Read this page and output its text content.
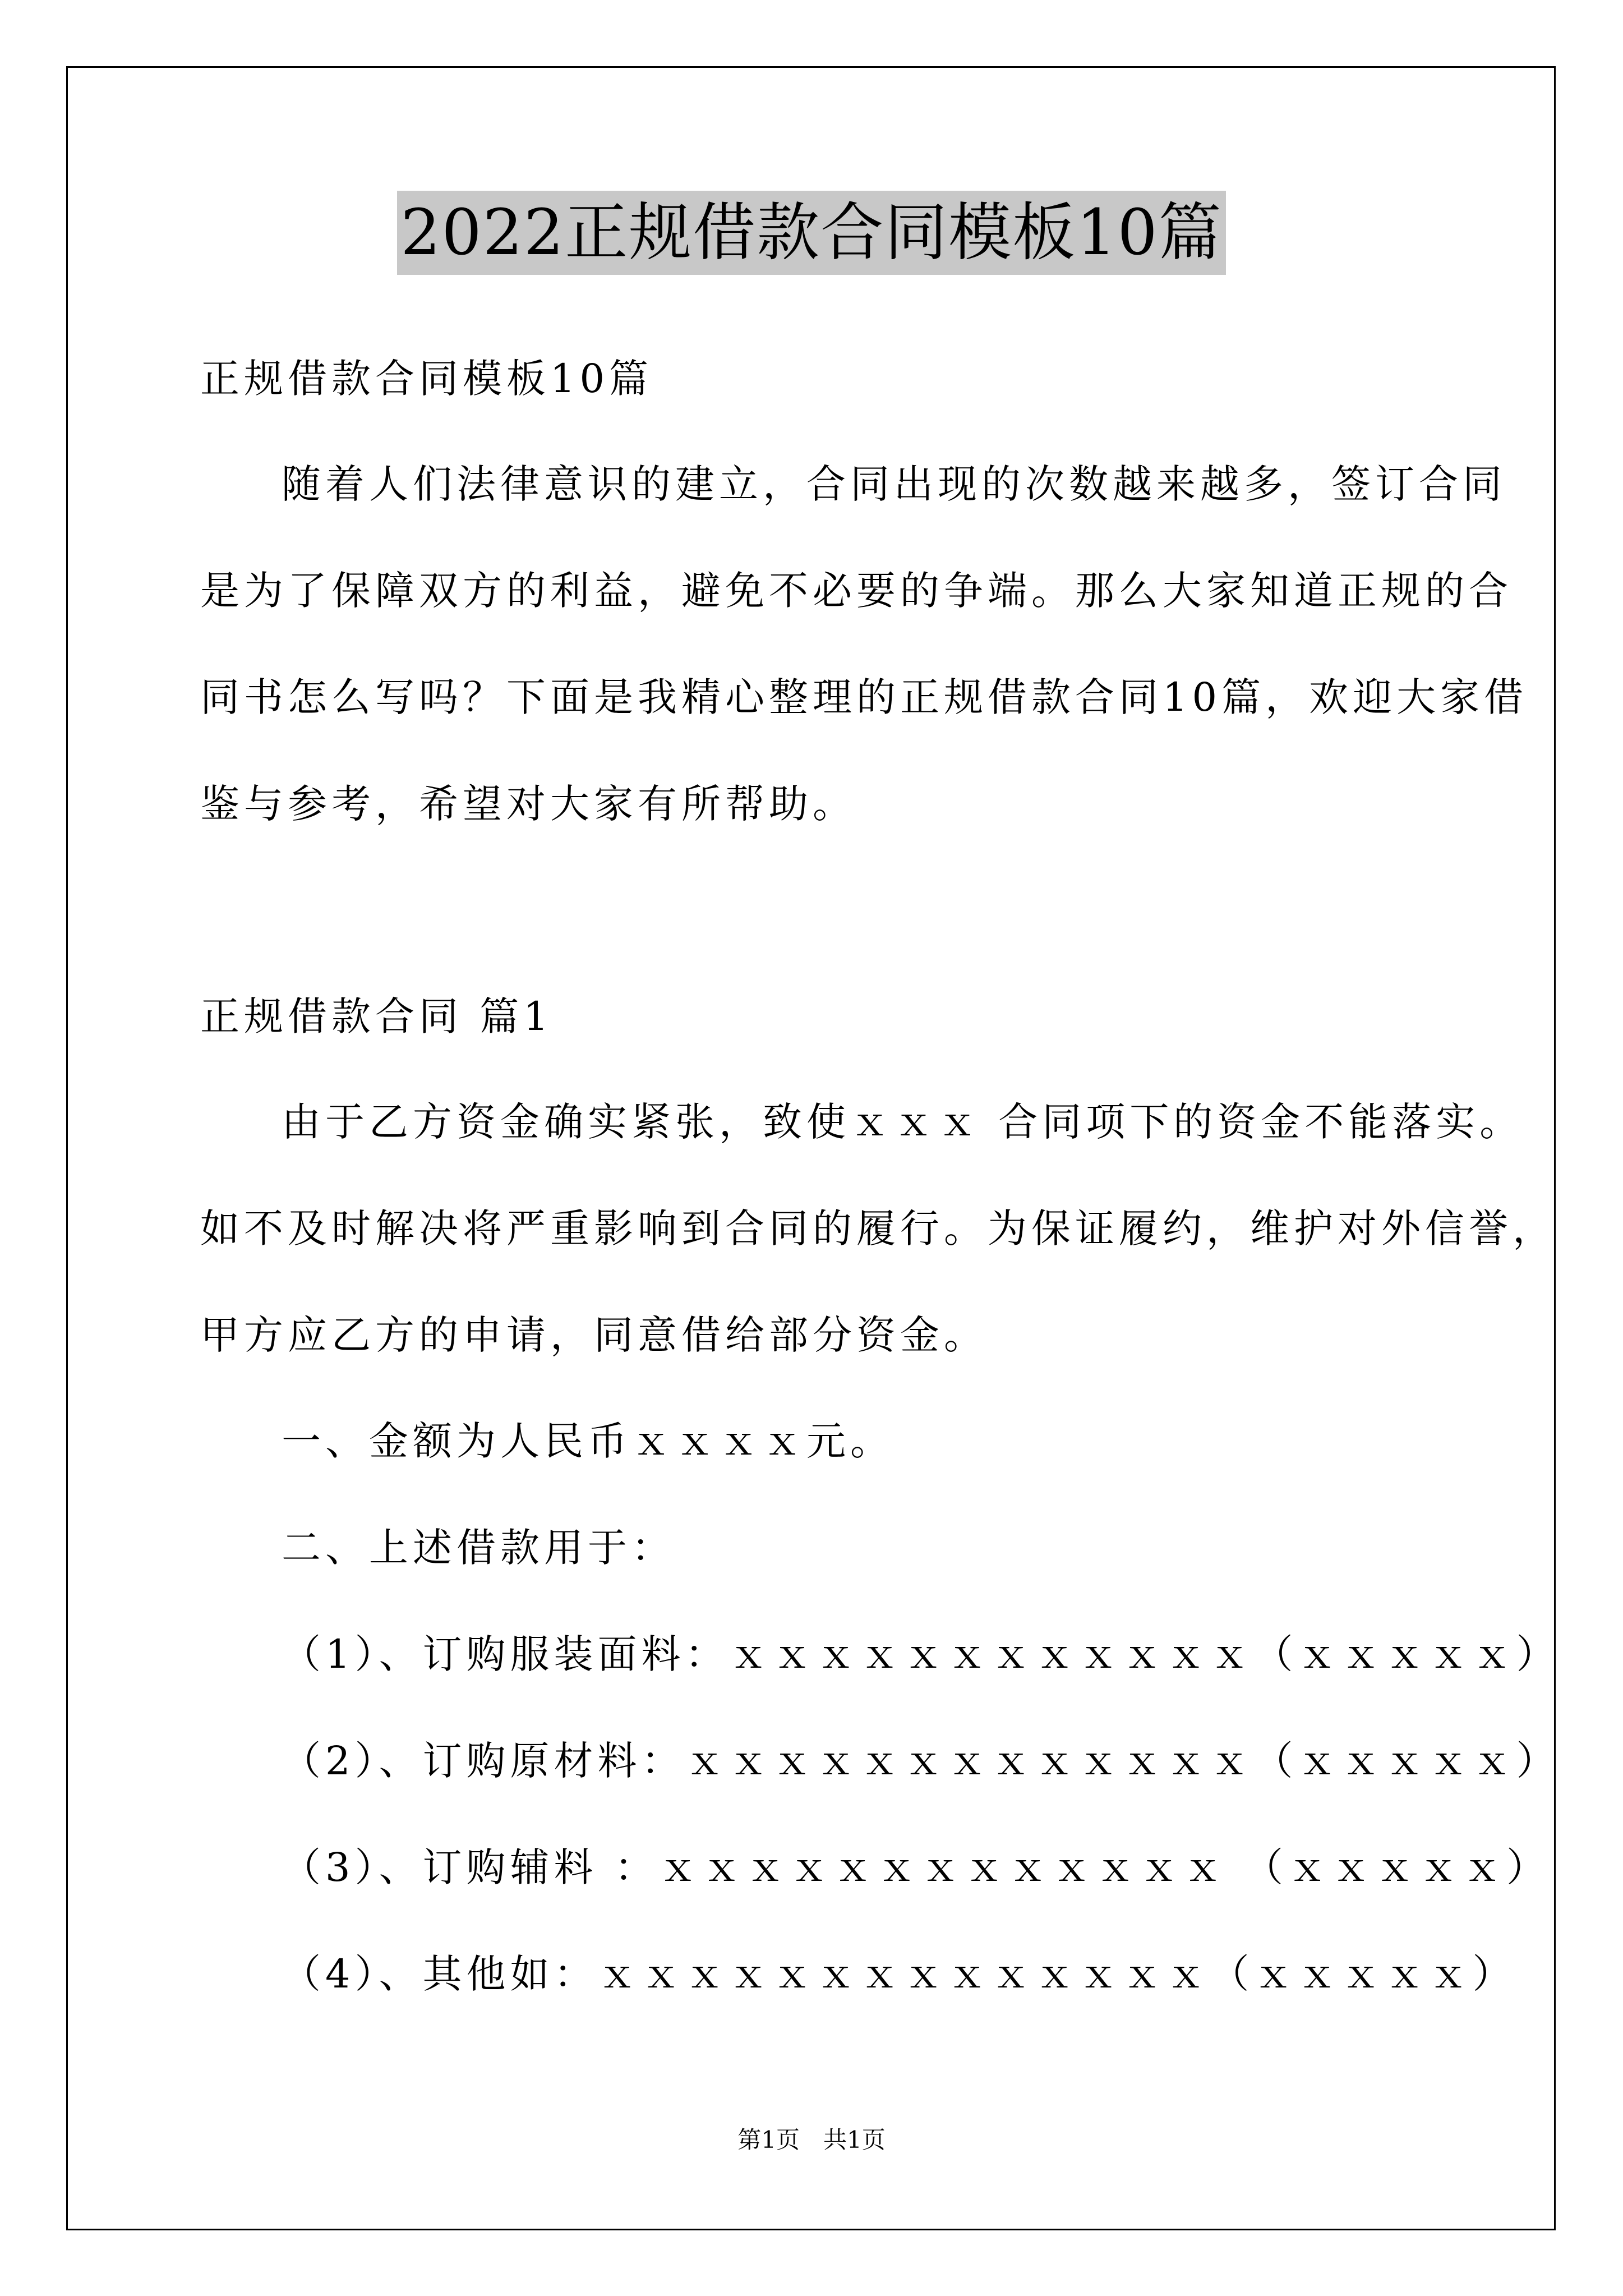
2022正规借款合同模板10篇
正规借款合同模板10篇
随着人们法律意识的建立，合同出现的次数越来越多，签订合同
是为了保障双方的利益，避免不必要的争端。那么大家知道正规的合
同书怎么写吗？下面是我精心整理的正规借款合同10篇，欢迎大家借
鉴与参考，希望对大家有所帮助。
正规借款合同 篇1
由于乙方资金确实紧张，致使ｘｘｘ 合同项下的资金不能落实。
如不及时解决将严重影响到合同的履行。为保证履约，维护对外信誉，
甲方应乙方的申请，同意借给部分资金。
一、金额为人民币ｘｘｘｘ元。
二、上述借款用于：
（1）、订购服装面料：ｘｘｘｘｘｘｘｘｘｘｘｘ（ｘｘｘｘｘ）
（2）、订购原材料：ｘｘｘｘｘｘｘｘｘｘｘｘｘ（ｘｘｘｘｘ）
（3）、订购辅料 ：ｘｘｘｘｘｘｘｘｘｘｘｘｘ （ｘｘｘｘｘ）
（4）、其他如：ｘｘｘｘｘｘｘｘｘｘｘｘｘｘ（ｘｘｘｘｘ）
第1页 共1页
